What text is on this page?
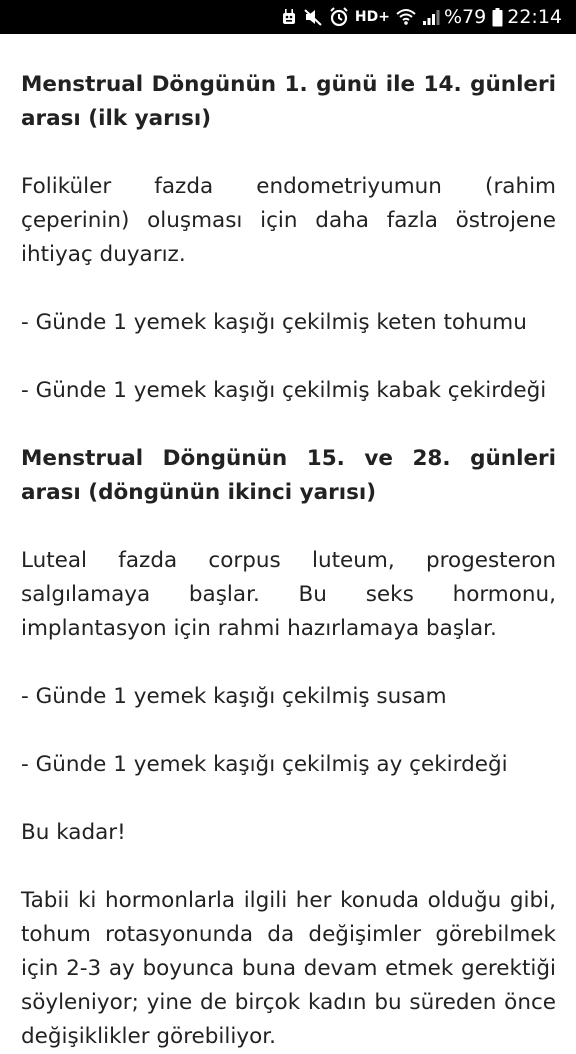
HD+	%79 22:14

Menstrual Döngünün 1. günü ile 14. günleri arası (ilk yarısı)

Foliküler fazda endometriyumun (rahim çeperinin) oluşması için daha fazla östrojene ihtiyaç duyarız.

- Günde 1 yemek kaşığı çekilmiş keten tohumu

- Günde 1 yemek kaşığı çekilmiş kabak çekirdeği

Menstrual Döngünün 15. ve 28. günleri arası (döngünün ikinci yarısı)

Luteal fazda corpus luteum, progesteron salgılamaya başlar. Bu seks hormonu, implantasyon için rahmi hazırlamaya başlar.

- Günde 1 yemek kaşığı çekilmiş susam

- Günde 1 yemek kaşığı çekilmiş ay çekirdeği

Bu kadar!

Tabii ki hormonlarla ilgili her konuda olduğu gibi, tohum rotasyonunda da değişimler görebilmek için 2-3 ay boyunca buna devam etmek gerektiği söyleniyor; yine de birçok kadın bu süreden önce değişiklikler görebiliyor.
